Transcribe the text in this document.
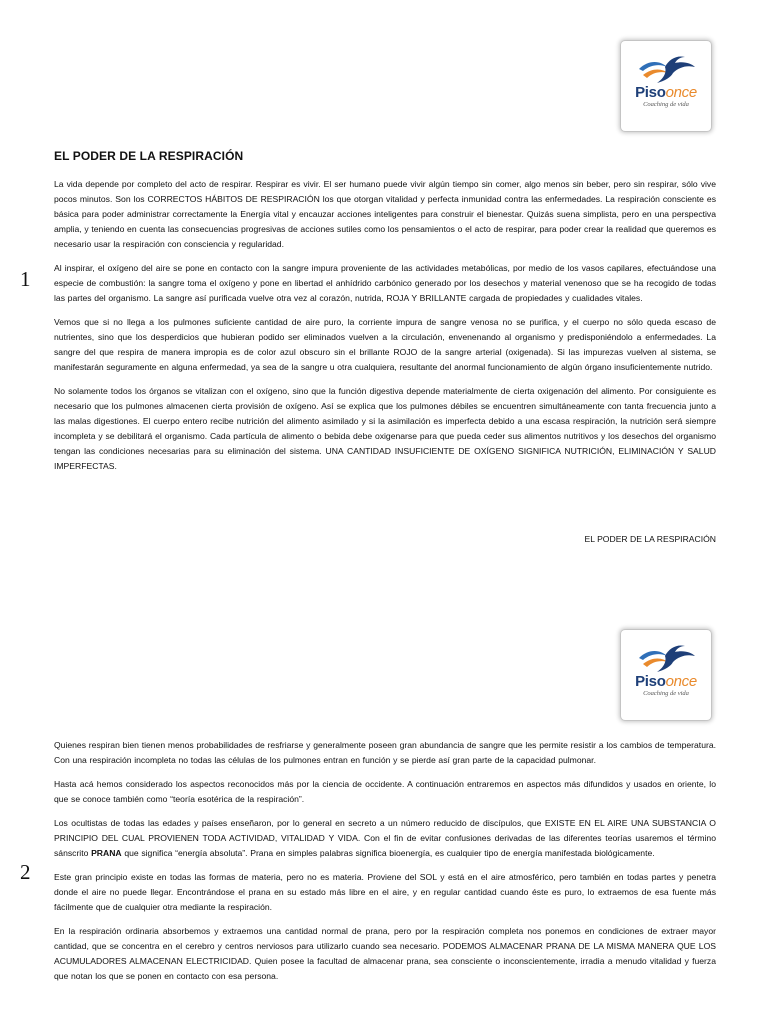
Pisoonce
Coaching de vida
EL PODER DE LA RESPIRACIÓN
1

La vida depende por completo del acto de respirar. Respirar es vivir. El ser humano puede vivir algún tiempo sin comer, algo menos sin beber, pero sin respirar, sólo vive pocos minutos. Son los CORRECTOS HÁBITOS DE RESPIRACIÓN los que otorgan vitalidad y perfecta inmunidad contra las enfermedades. La respiración consciente es básica para poder administrar correctamente la Energía vital y encauzar acciones inteligentes para construir el bienestar. Quizás suena simplista, pero en una perspectiva amplia, y teniendo en cuenta las consecuencias progresivas de acciones sutiles como los pensamientos o el acto de respirar, para poder crear la realidad que queremos es necesario usar la respiración con consciencia y regularidad.

Al inspirar, el oxígeno del aire se pone en contacto con la sangre impura proveniente de las actividades metabólicas, por medio de los vasos capilares, efectuándose una especie de combustión: la sangre toma el oxígeno y pone en libertad el anhídrido carbónico generado por los desechos y material venenoso que se ha recogido de todas las partes del organismo. La sangre así purificada vuelve otra vez al corazón, nutrida, ROJA Y BRILLANTE cargada de propiedades y cualidades vitales.

Vemos que si no llega a los pulmones suficiente cantidad de aire puro, la corriente impura de sangre venosa no se purifica, y el cuerpo no sólo queda escaso de nutrientes, sino que los desperdicios que hubieran podido ser eliminados vuelven a la circulación, envenenando al organismo y predisponiéndolo a enfermedades. La sangre del que respira de manera impropia es de color azul obscuro sin el brillante ROJO de la sangre arterial (oxigenada). Si las impurezas vuelven al sistema, se manifestarán seguramente en alguna enfermedad, ya sea de la sangre u otra cualquiera, resultante del anormal funcionamiento de algún órgano insuficientemente nutrido.

No solamente todos los órganos se vitalizan con el oxígeno, sino que la función digestiva depende materialmente de cierta oxigenación del alimento. Por consiguiente es necesario que los pulmones almacenen cierta provisión de oxígeno. Así se explica que los pulmones débiles se encuentren simultáneamente con tanta frecuencia junto a las malas digestiones. El cuerpo entero recibe nutrición del alimento asimilado y si la asimilación es imperfecta debido a una escasa respiración, la nutrición será siempre incompleta y se debilitará el organismo. Cada partícula de alimento o bebida debe oxigenarse para que pueda ceder sus alimentos nutritivos y los desechos del organismo tengan las condiciones necesarias para su eliminación del sistema. UNA CANTIDAD INSUFICIENTE DE OXÍGENO SIGNIFICA NUTRICIÓN, ELIMINACIÓN Y SALUD IMPERFECTAS.

EL PODER DE LA RESPIRACIÓN
Pisoonce
Coaching de vida
2

Quienes respiran bien tienen menos probabilidades de resfriarse y generalmente poseen gran abundancia de sangre que les permite resistir a los cambios de temperatura. Con una respiración incompleta no todas las células de los pulmones entran en función y se pierde así gran parte de la capacidad pulmonar.

Hasta acá hemos considerado los aspectos reconocidos más por la ciencia de occidente. A continuación entraremos en aspectos más difundidos y usados en oriente, lo que se conoce también como “teoría esotérica de la respiración”.

Los ocultistas de todas las edades y países enseñaron, por lo general en secreto a un número reducido de discípulos, que EXISTE EN EL AIRE UNA SUBSTANCIA O PRINCIPIO DEL CUAL PROVIENEN TODA ACTIVIDAD, VITALIDAD Y VIDA. Con el fin de evitar confusiones derivadas de las diferentes teorías usaremos el término sánscrito PRANA que significa “energía absoluta”. Prana en simples palabras significa bioenergía, es cualquier tipo de energía manifestada biológicamente.

Este gran principio existe en todas las formas de materia, pero no es materia. Proviene del SOL y está en el aire atmosférico, pero también en todas partes y penetra donde el aire no puede llegar. Encontrándose el prana en su estado más libre en el aire, y en regular cantidad cuando éste es puro, lo extraemos de esa fuente más fácilmente que de cualquier otra mediante la respiración.

En la respiración ordinaria absorbemos y extraemos una cantidad normal de prana, pero por la respiración completa nos ponemos en condiciones de extraer mayor cantidad, que se concentra en el cerebro y centros nerviosos para utilizarlo cuando sea necesario. PODEMOS ALMACENAR PRANA DE LA MISMA MANERA QUE LOS ACUMULADORES ALMACENAN ELECTRICIDAD. Quien posee la facultad de almacenar prana, sea consciente o inconscientemente, irradia a menudo vitalidad y fuerza que notan los que se ponen en contacto con esa persona.
